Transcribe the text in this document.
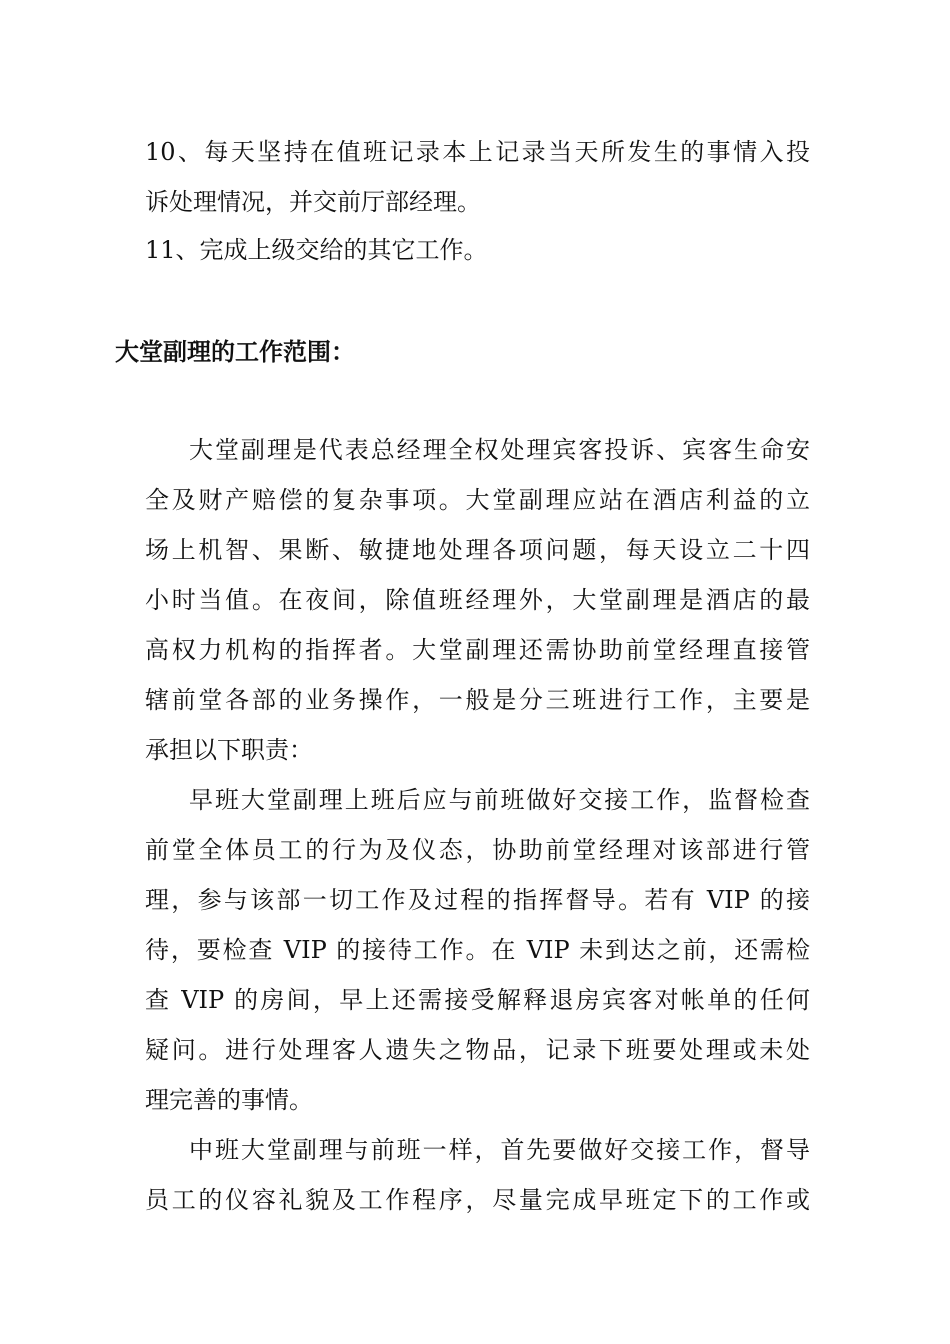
10、每天坚持在值班记录本上记录当天所发生的事情入投
诉处理情况，并交前厅部经理。
11、完成上级交给的其它工作。
大堂副理的工作范围：
大堂副理是代表总经理全权处理宾客投诉、宾客生命安
全及财产赔偿的复杂事项。大堂副理应站在酒店利益的立
场上机智、果断、敏捷地处理各项问题，每天设立二十四
小时当值。在夜间，除值班经理外，大堂副理是酒店的最
高权力机构的指挥者。大堂副理还需协助前堂经理直接管
辖前堂各部的业务操作，一般是分三班进行工作，主要是
承担以下职责：
早班大堂副理上班后应与前班做好交接工作，监督检查
前堂全体员工的行为及仪态，协助前堂经理对该部进行管
理，参与该部一切工作及过程的指挥督导。若有 VIP 的接
待，要检查 VIP 的接待工作。在 VIP 未到达之前，还需检
查 VIP 的房间，早上还需接受解释退房宾客对帐单的任何
疑问。进行处理客人遗失之物品，记录下班要处理或未处
理完善的事情。
中班大堂副理与前班一样，首先要做好交接工作，督导
员工的仪容礼貌及工作程序，尽量完成早班定下的工作或
